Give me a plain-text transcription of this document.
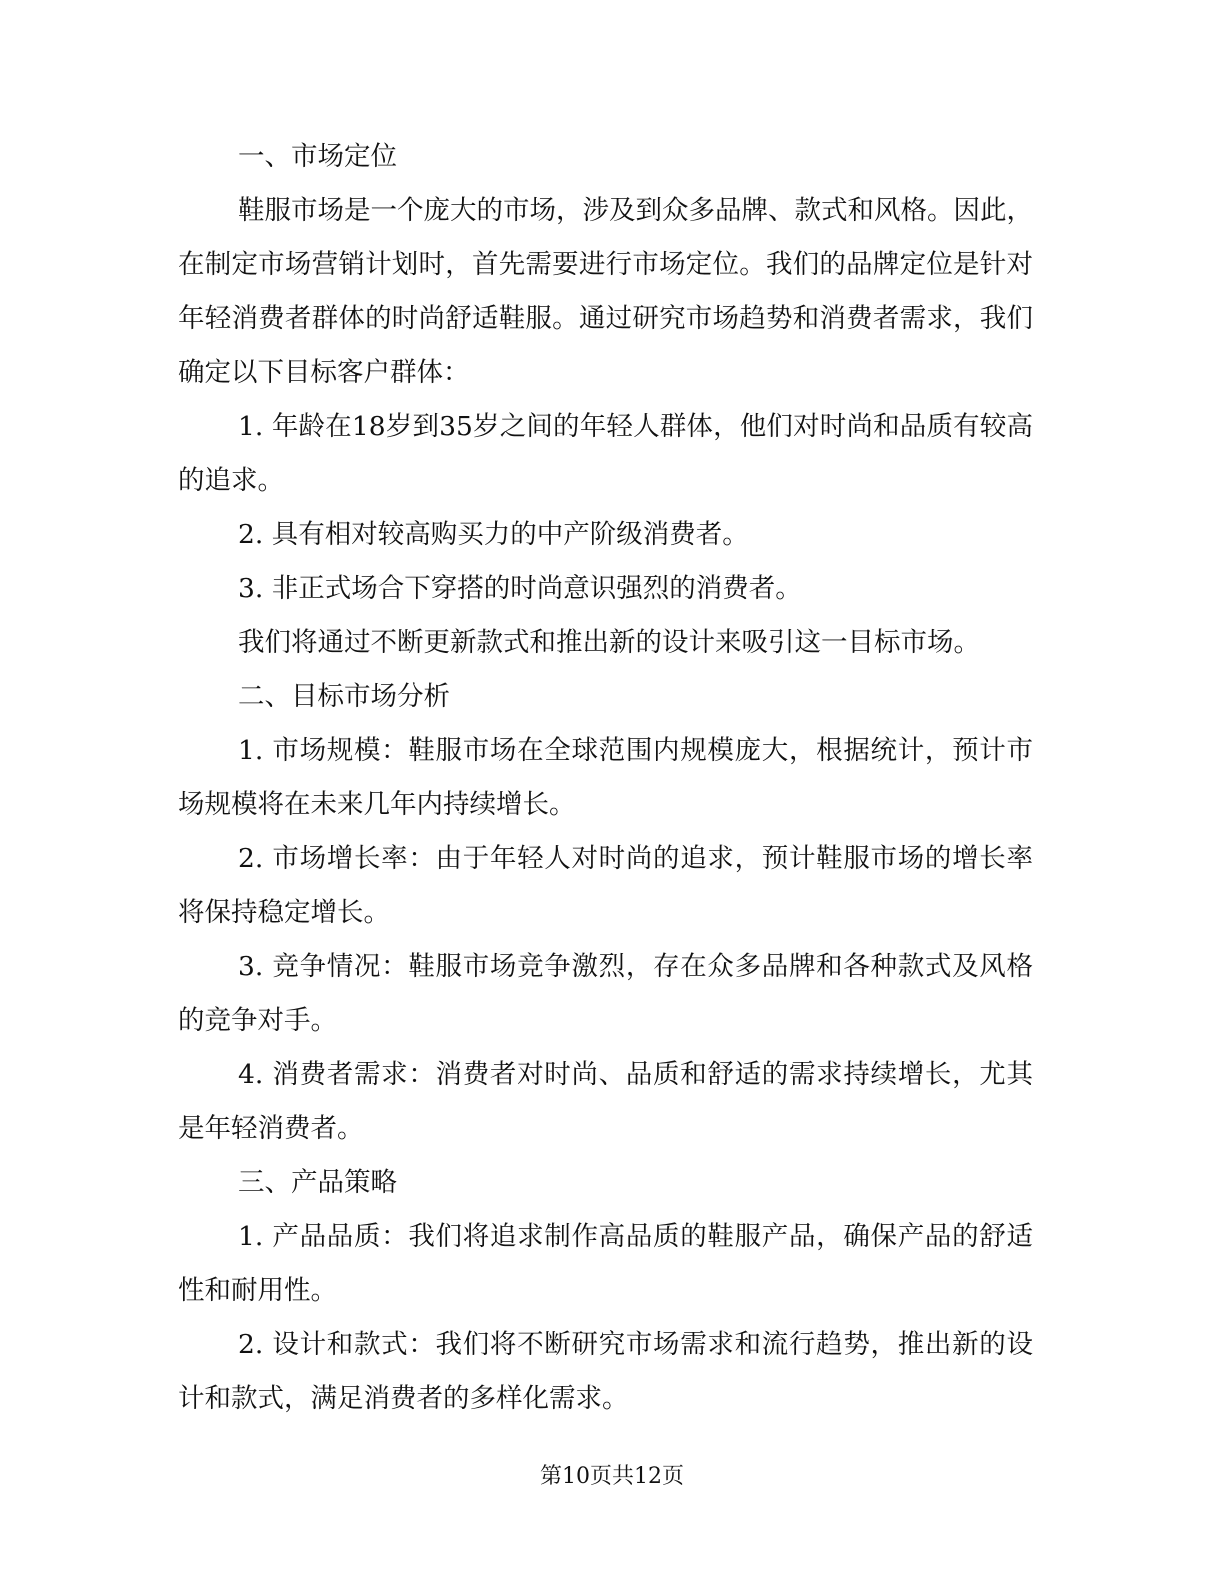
一、市场定位

鞋服市场是一个庞大的市场，涉及到众多品牌、款式和风格。因此，在制定市场营销计划时，首先需要进行市场定位。我们的品牌定位是针对年轻消费者群体的时尚舒适鞋服。通过研究市场趋势和消费者需求，我们确定以下目标客户群体：

1. 年龄在18岁到35岁之间的年轻人群体，他们对时尚和品质有较高的追求。

2. 具有相对较高购买力的中产阶级消费者。

3. 非正式场合下穿搭的时尚意识强烈的消费者。

我们将通过不断更新款式和推出新的设计来吸引这一目标市场。

二、目标市场分析

1. 市场规模：鞋服市场在全球范围内规模庞大，根据统计，预计市场规模将在未来几年内持续增长。

2. 市场增长率：由于年轻人对时尚的追求，预计鞋服市场的增长率将保持稳定增长。

3. 竞争情况：鞋服市场竞争激烈，存在众多品牌和各种款式及风格的竞争对手。

4. 消费者需求：消费者对时尚、品质和舒适的需求持续增长，尤其是年轻消费者。

三、产品策略

1. 产品品质：我们将追求制作高品质的鞋服产品，确保产品的舒适性和耐用性。

2. 设计和款式：我们将不断研究市场需求和流行趋势，推出新的设计和款式，满足消费者的多样化需求。

第10页共12页
